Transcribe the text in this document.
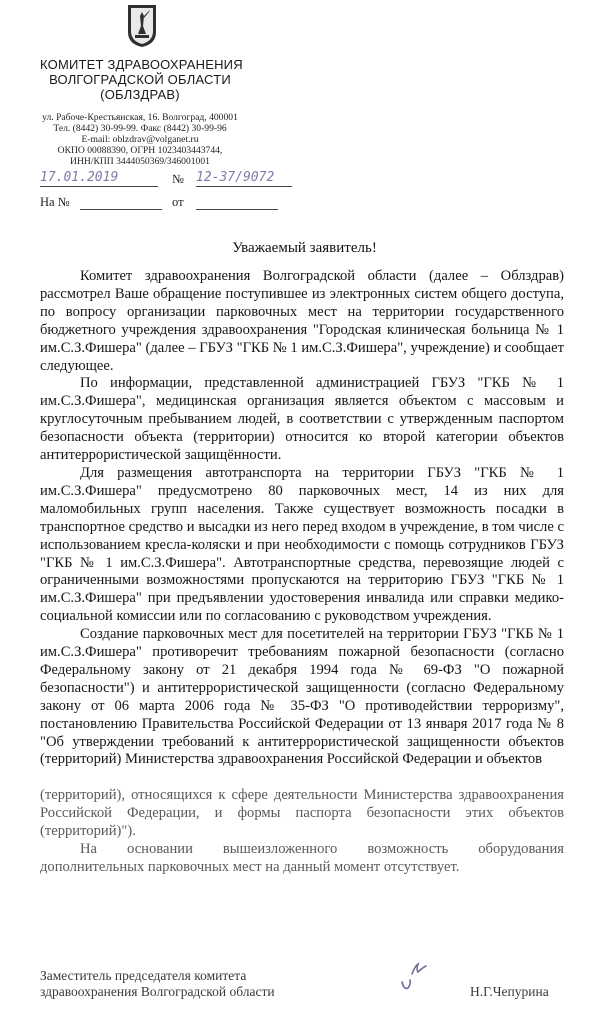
КОМИТЕТ ЗДРАВООХРАНЕНИЯ
ВОЛГОГРАДСКОЙ ОБЛАСТИ
(ОБЛЗДРАВ)
ул. Рабоче-Крестьянская, 16. Волгоград, 400001
Тел. (8442) 30-99-99. Факс (8442) 30-99-96
E-mail: oblzdrav@volganet.ru
ОКПО 00088390, ОГРН 1023403443744,
ИНН/КПП 3444050369/346001001
17.01.2019	№ 12-37/9072
На №	от
Уважаемый заявитель!

Комитет здравоохранения Волгоградской области (далее – Облздрав) рассмотрел Ваше обращение поступившее из электронных систем общего доступа, по вопросу организации парковочных мест на территории государственного бюджетного учреждения здравоохранения "Городская клиническая больница № 1 им.С.З.Фишера" (далее – ГБУЗ "ГКБ № 1 им.С.З.Фишера", учреждение) и сообщает следующее.

По информации, представленной администрацией ГБУЗ "ГКБ № 1 им.С.З.Фишера", медицинская организация является объектом с массовым и круглосуточным пребыванием людей, в соответствии с утвержденным паспортом безопасности объекта (территории) относится ко второй категории объектов антитеррористической защищённости.

Для размещения автотранспорта на территории ГБУЗ "ГКБ № 1 им.С.З.Фишера" предусмотрено 80 парковочных мест, 14 из них для маломобильных групп населения. Также существует возможность посадки в транспортное средство и высадки из него перед входом в учреждение, в том числе с использованием кресла-коляски и при необходимости с помощь сотрудников ГБУЗ "ГКБ № 1 им.С.З.Фишера". Автотранспортные средства, перевозящие людей с ограниченными возможностями пропускаются на территорию ГБУЗ "ГКБ № 1 им.С.З.Фишера" при предъявлении удостоверения инвалида или справки медико-социальной комиссии или по согласованию с руководством учреждения.

Создание парковочных мест для посетителей на территории ГБУЗ "ГКБ № 1 им.С.З.Фишера" противоречит требованиям пожарной безопасности (согласно Федеральному закону от 21 декабря 1994 года № 69-ФЗ "О пожарной безопасности") и антитеррористической защищенности (согласно Федеральному закону от 06 марта 2006 года № 35-ФЗ "О противодействии терроризму", постановлению Правительства Российской Федерации от 13 января 2017 года № 8 "Об утверждении требований к антитеррористической защищенности объектов (территорий) Министерства здравоохранения Российской Федерации и объектов

(территорий), относящихся к сфере деятельности Министерства здравоохранения Российской Федерации, и формы паспорта безопасности этих объектов (территорий)").

На основании вышеизложенного возможность оборудования дополнительных парковочных мест на данный момент отсутствует.

Заместитель председателя комитета
здравоохранения Волгоградской области	Н.Г.Чепурина
